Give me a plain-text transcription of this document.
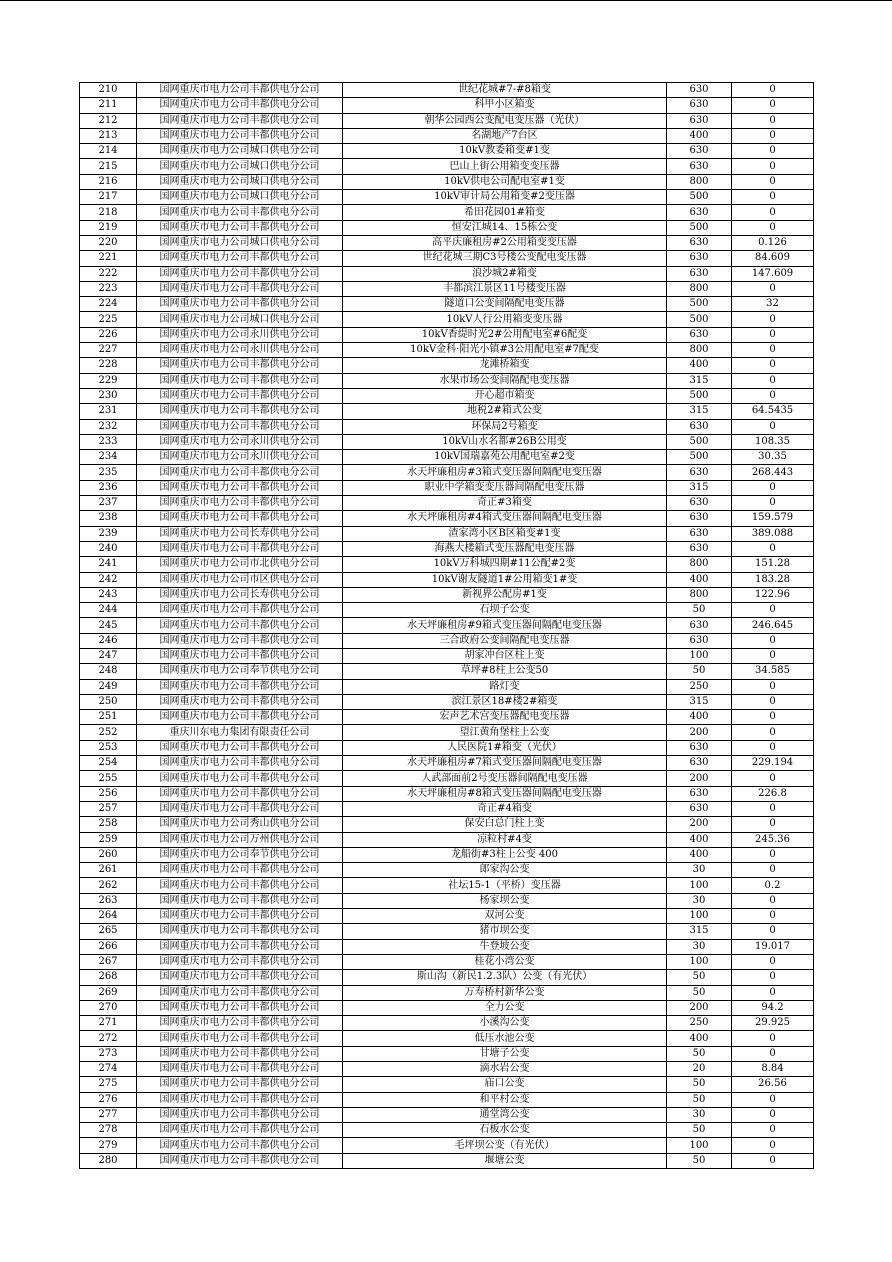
210	国网重庆市电力公司丰都供电分公司	世纪花城#7-#8箱变	630	0
211	国网重庆市电力公司丰都供电分公司	科甲小区箱变	630	0
212	国网重庆市电力公司丰都供电分公司	朝华公园西公变配电变压器（光伏）	630	0
213	国网重庆市电力公司丰都供电分公司	名湖地产7台区	400	0
214	国网重庆市电力公司城口供电分公司	10kV教委箱变#1变	630	0
215	国网重庆市电力公司城口供电分公司	巴山上街公用箱变变压器	630	0
216	国网重庆市电力公司城口供电分公司	10kV供电公司配电室#1变	800	0
217	国网重庆市电力公司城口供电分公司	10kV审计局公用箱变#2变压器	500	0
218	国网重庆市电力公司丰都供电分公司	希田花园01#箱变	630	0
219	国网重庆市电力公司丰都供电分公司	恒安江城14、15栋公变	500	0
220	国网重庆市电力公司城口供电分公司	高平庆廉租房#2公用箱变变压器	630	0.126
221	国网重庆市电力公司丰都供电分公司	世纪花城三期C3号楼公变配电变压器	630	84.609
222	国网重庆市电力公司丰都供电分公司	浪沙城2#箱变	630	147.609
223	国网重庆市电力公司丰都供电分公司	丰都滨江景区11号楼变压器	800	0
224	国网重庆市电力公司丰都供电分公司	隧道口公变间隔配电变压器	500	32
225	国网重庆市电力公司城口供电分公司	10kV人行公用箱变变压器	500	0
226	国网重庆市电力公司永川供电分公司	10kV香缇时光2#公用配电室#6配变	630	0
227	国网重庆市电力公司永川供电分公司	10kV金科·阳光小镇#3公用配电室#7配变	800	0
228	国网重庆市电力公司丰都供电分公司	龙滩桥箱变	400	0
229	国网重庆市电力公司丰都供电分公司	水果市场公变间隔配电变压器	315	0
230	国网重庆市电力公司丰都供电分公司	开心超市箱变	500	0
231	国网重庆市电力公司丰都供电分公司	地税2#箱式公变	315	64.5435
232	国网重庆市电力公司丰都供电分公司	环保局2号箱变	630	0
233	国网重庆市电力公司永川供电分公司	10kV山水名都#26B公用变	500	108.35
234	国网重庆市电力公司永川供电分公司	10kV国瑞嘉苑公用配电室#2变	500	30.35
235	国网重庆市电力公司丰都供电分公司	水天坪廉租房#3箱式变压器间隔配电变压器	630	268.443
236	国网重庆市电力公司丰都供电分公司	职业中学箱变变压器间隔配电变压器	315	0
237	国网重庆市电力公司丰都供电分公司	奇正#3箱变	630	0
238	国网重庆市电力公司丰都供电分公司	水天坪廉租房#4箱式变压器间隔配电变压器	630	159.579
239	国网重庆市电力公司长寿供电分公司	渣家湾小区B区箱变#1变	630	389.088
240	国网重庆市电力公司丰都供电分公司	海燕大楼箱式变压器配电变压器	630	0
241	国网重庆市电力公司市北供电分公司	10kV万科城四期#11公配#2变	800	151.28
242	国网重庆市电力公司市区供电分公司	10kV谢友隧道1#公用箱变1#变	400	183.28
243	国网重庆市电力公司长寿供电分公司	新视界公配房#1变	800	122.96
244	国网重庆市电力公司丰都供电分公司	石坝子公变	50	0
245	国网重庆市电力公司丰都供电分公司	水天坪廉租房#9箱式变压器间隔配电变压器	630	246.645
246	国网重庆市电力公司丰都供电分公司	三合政府公变间隔配电变压器	630	0
247	国网重庆市电力公司丰都供电分公司	胡家冲台区柱上变	100	0
248	国网重庆市电力公司奉节供电分公司	草坪#8柱上公变50	50	34.585
249	国网重庆市电力公司丰都供电分公司	路灯变	250	0
250	国网重庆市电力公司丰都供电分公司	滨江景区18#楼2#箱变	315	0
251	国网重庆市电力公司丰都供电分公司	宏声艺术宫变压器配电变压器	400	0
252	重庆川东电力集团有限责任公司	望江黄角堡柱上公变	200	0
253	国网重庆市电力公司丰都供电分公司	人民医院1#箱变（光伏）	630	0
254	国网重庆市电力公司丰都供电分公司	水天坪廉租房#7箱式变压器间隔配电变压器	630	229.194
255	国网重庆市电力公司丰都供电分公司	人武部面前2号变压器间隔配电变压器	200	0
256	国网重庆市电力公司丰都供电分公司	水天坪廉租房#8箱式变压器间隔配电变压器	630	226.8
257	国网重庆市电力公司丰都供电分公司	奇正#4箱变	630	0
258	国网重庆市电力公司秀山供电分公司	保安白总门柱上变	200	0
259	国网重庆市电力公司万州供电分公司	凉粒村#4变	400	245.36
260	国网重庆市电力公司奉节供电分公司	龙船街#3柱上公变 400	400	0
261	国网重庆市电力公司丰都供电分公司	郎家沟公变	30	0
262	国网重庆市电力公司丰都供电分公司	社坛15-1（平桥）变压器	100	0.2
263	国网重庆市电力公司丰都供电分公司	杨家坝公变	30	0
264	国网重庆市电力公司丰都供电分公司	双河公变	100	0
265	国网重庆市电力公司丰都供电分公司	猪市坝公变	315	0
266	国网重庆市电力公司丰都供电分公司	牛登坡公变	30	19.017
267	国网重庆市电力公司丰都供电分公司	桂花小湾公变	100	0
268	国网重庆市电力公司丰都供电分公司	斯山沟（新民1.2.3队）公变（有光伏）	50	0
269	国网重庆市电力公司丰都供电分公司	万寿桥村新华公变	50	0
270	国网重庆市电力公司丰都供电分公司	全力公变	200	94.2
271	国网重庆市电力公司丰都供电分公司	小溪沟公变	250	29.925
272	国网重庆市电力公司丰都供电分公司	低压水池公变	400	0
273	国网重庆市电力公司丰都供电分公司	甘塘子公变	50	0
274	国网重庆市电力公司丰都供电分公司	滴水岩公变	20	8.84
275	国网重庆市电力公司丰都供电分公司	庙口公变	50	26.56
276	国网重庆市电力公司丰都供电分公司	和平村公变	50	0
277	国网重庆市电力公司丰都供电分公司	通堂湾公变	30	0
278	国网重庆市电力公司丰都供电分公司	石板水公变	50	0
279	国网重庆市电力公司丰都供电分公司	毛坪坝公变（有光伏）	100	0
280	国网重庆市电力公司丰都供电分公司	堰塘公变	50	0
